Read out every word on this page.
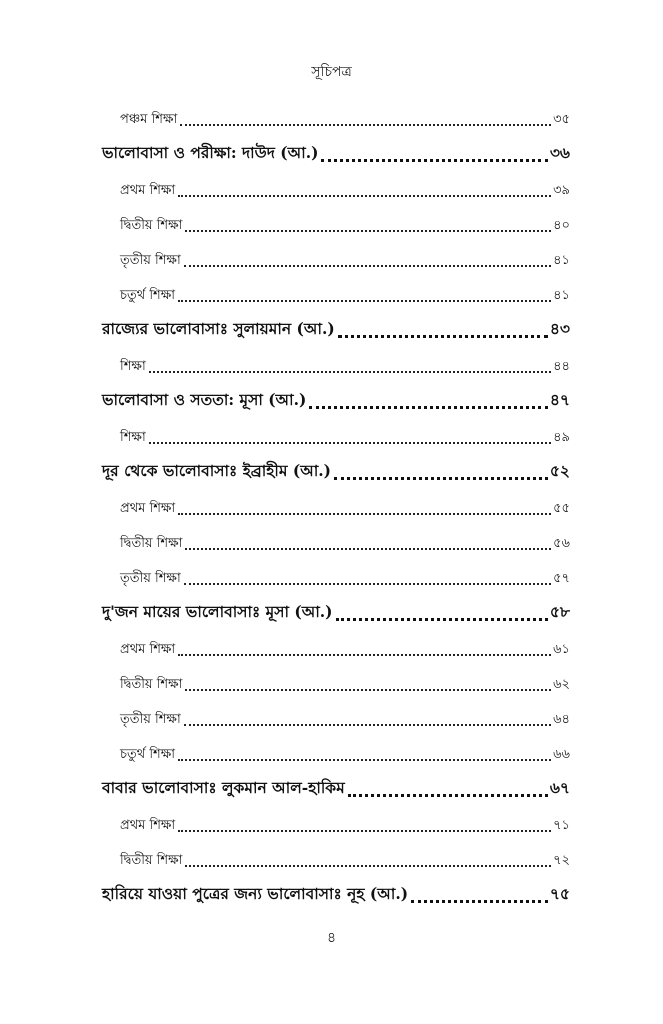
সূচিপত্র
পঞ্চম শিক্ষা	৩৫
ভালোবাসা ও পরীক্ষা: দাউদ (আ.)	৩৬
প্রথম শিক্ষা	৩৯
দ্বিতীয় শিক্ষা	৪০
তৃতীয় শিক্ষা	৪১
চতুর্থ শিক্ষা	৪১
রাজ্যের ভালোবাসাঃ সুলায়মান (আ.)	৪৩
শিক্ষা	৪৪
ভালোবাসা ও সততা: মূসা (আ.)	৪৭
শিক্ষা	৪৯
দূর থেকে ভালোবাসাঃ ইব্রাহীম (আ.)	৫২
প্রথম শিক্ষা	৫৫
দ্বিতীয় শিক্ষা	৫৬
তৃতীয় শিক্ষা	৫৭
দু'জন মায়ের ভালোবাসাঃ মূসা (আ.)	৫৮
প্রথম শিক্ষা	৬১
দ্বিতীয় শিক্ষা	৬২
তৃতীয় শিক্ষা	৬৪
চতুর্থ শিক্ষা	৬৬
বাবার ভালোবাসাঃ লুকমান আল-হাকিম	৬৭
প্রথম শিক্ষা	৭১
দ্বিতীয় শিক্ষা	৭২
হারিয়ে যাওয়া পুত্রের জন্য ভালোবাসাঃ নূহ (আ.)	৭৫
৪
